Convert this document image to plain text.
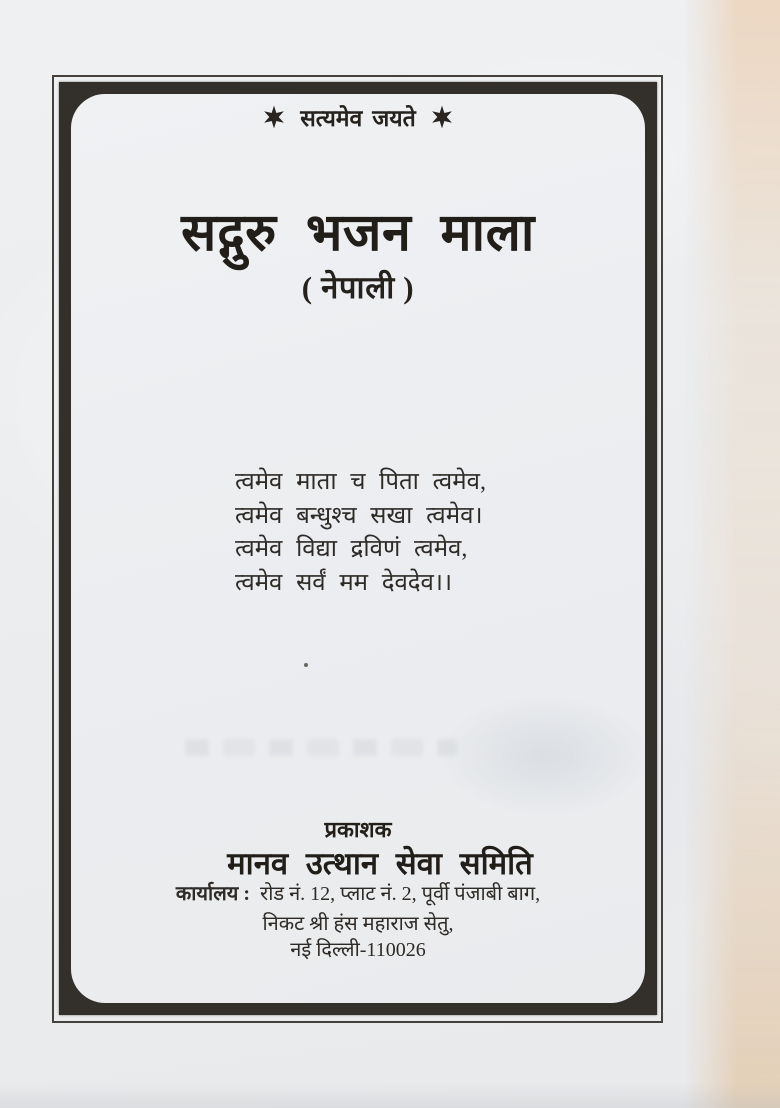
सत्यमेव जयते
सद्गुरु भजन माला
( नेपाली )
त्वमेव माता च पिता त्वमेव,
त्वमेव बन्धुश्च सखा त्वमेव।
त्वमेव विद्या द्रविणं त्वमेव,
त्वमेव सर्वं मम देवदेव।।
प्रकाशक
मानव उत्थान सेवा समिति
कार्यालय : रोड नं. 12, प्लाट नं. 2, पूर्वी पंजाबी बाग,
निकट श्री हंस महाराज सेतु,
नई दिल्ली-110026
